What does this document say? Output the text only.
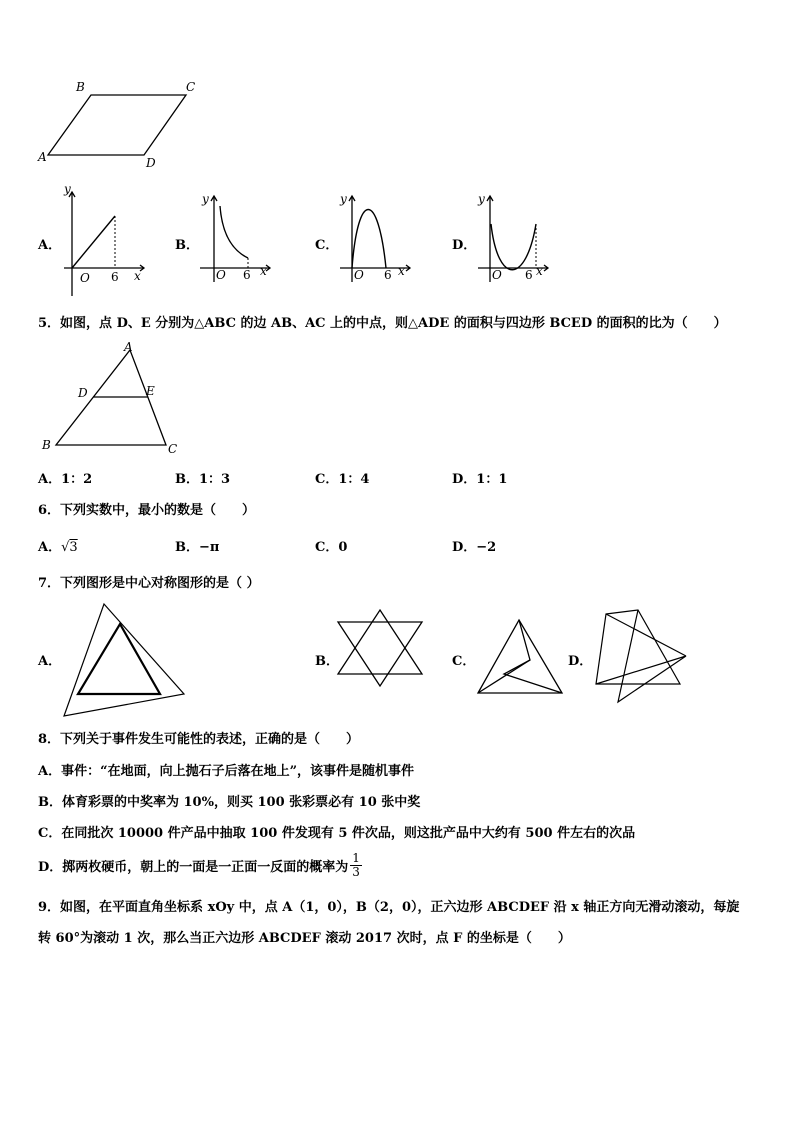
B	C
A	D
A．
y
O 6 x
B．
y
O 6 x
C．
y
O 6 x
D．
y
O 6 x
5．如图，点 D、E 分别为△ABC 的边 AB、AC 上的中点，则△ADE 的面积与四边形 BCED 的面积的比为（　　）
A
D	E
B	C
A．1：2	B．1：3	C．1：4	D．1：1
6．下列实数中，最小的数是（　　）
A．√3	B．−π	C．0	D．−2
7．下列图形是中心对称图形的是（ ）
A．	B．	C．	D．
8．下列关于事件发生可能性的表述，正确的是（　　）
A．事件：“在地面，向上抛石子后落在地上”，该事件是随机事件
B．体育彩票的中奖率为 10%，则买 100 张彩票必有 10 张中奖
C．在同批次 10000 件产品中抽取 100 件发现有 5 件次品，则这批产品中大约有 500 件左右的次品
D．掷两枚硬币，朝上的一面是一正面一反面的概率为 $\frac{1}{3}$
9．如图，在平面直角坐标系 xOy 中，点 A（1，0），B（2，0），正六边形 ABCDEF 沿 x 轴正方向无滑动滚动，每旋
转 60°为滚动 1 次，那么当正六边形 ABCDEF 滚动 2017 次时，点 F 的坐标是（　　）
